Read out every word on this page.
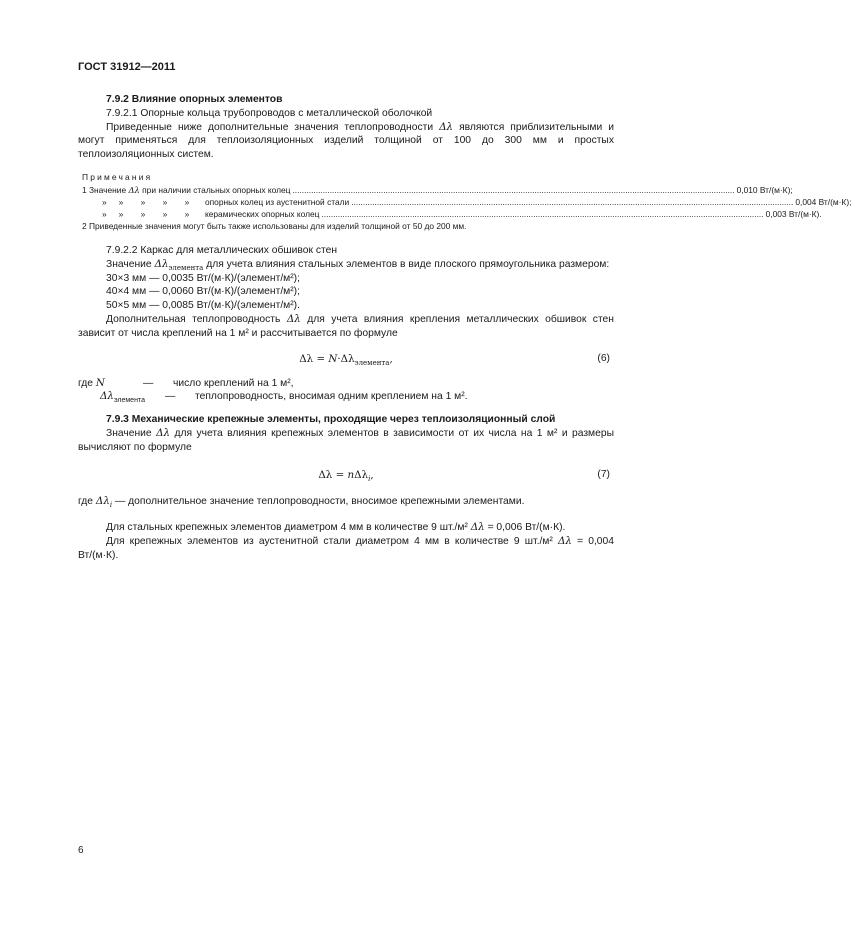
ГОСТ 31912—2011

7.9.2 Влияние опорных элементов

7.9.2.1 Опорные кольца трубопроводов с металлической оболочкой

Приведенные ниже дополнительные значения теплопроводности Δλ являются приблизительными и могут применяться для теплоизоляционных изделий толщиной от 100 до 300 мм и простых теплоизоляционных систем.

Примечания
1 Значение Δλ при наличии стальных опорных колец .............................................................................................................................................................................................. 0,010 Вт/(м·К);
» » » » » опорных колец из аустенитной стали .............................................................................................................................................................................................. 0,004 Вт/(м·К);
» » » » » керамических опорных колец .............................................................................................................................................................................................. 0,003 Вт/(м·К).
2 Приведенные значения могут быть также использованы для изделий толщиной от 50 до 200 мм.

7.9.2.2 Каркас для металлических обшивок стен

Значение $\Delta\lambda_{элемента}$ для учета влияния стальных элементов в виде плоского прямоугольника размером:

30×3 мм — 0,0035 Вт/(м·К)/(элемент/м²);

40×4 мм — 0,0060 Вт/(м·К)/(элемент/м²);

50×5 мм — 0,0085 Вт/(м·К)/(элемент/м²).

Дополнительная теплопроводность Δλ для учета влияния крепления металлических обшивок стен зависит от числа креплений на 1 м² и рассчитывается по формуле

$\Delta\lambda = N\cdot\Delta\lambda_{элемента}$,	(6)
где N	—	число креплений на 1 м²,
$\Delta\lambda_{элемента}$	—	теплопроводность, вносимая одним креплением на 1 м².

7.9.3 Механические крепежные элементы, проходящие через теплоизоляционный слой

Значение Δλ для учета влияния крепежных элементов в зависимости от их числа на 1 м² и размеры вычисляют по формуле

Δλ = nΔλ$_i$,	(7)

где $\Delta\lambda_i$ — дополнительное значение теплопроводности, вносимое крепежными элементами.

Для стальных крепежных элементов диаметром 4 мм в количестве 9 шт./м² Δλ = 0,006 Вт/(м·К).

Для крепежных элементов из аустенитной стали диаметром 4 мм в количестве 9 шт./м² Δλ = 0,004 Вт/(м·К).

6
